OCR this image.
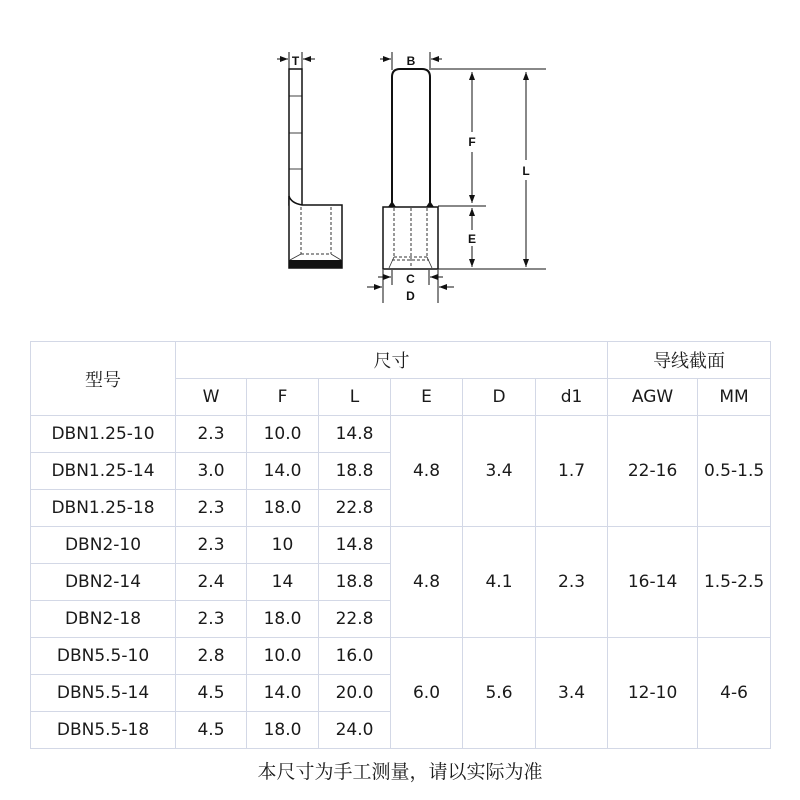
T	B
C
D
F
E
L
型号	尺寸						导线截面	
	W	F	L	E	D	d1	AGW	MM
DBN1.25-10	2.3	10.0	14.8	4.8	3.4	1.7	22-16	0.5-1.5
DBN1.25-14	3.0	14.0	18.8					
DBN1.25-18	2.3	18.0	22.8					
DBN2-10	2.3	10	14.8	4.8	4.1	2.3	16-14	1.5-2.5
DBN2-14	2.4	14	18.8					
DBN2-18	2.3	18.0	22.8					
DBN5.5-10	2.8	10.0	16.0	6.0	5.6	3.4	12-10	4-6
DBN5.5-14	4.5	14.0	20.0					
DBN5.5-18	4.5	18.0	24.0					
本尺寸为手工测量，请以实际为准
